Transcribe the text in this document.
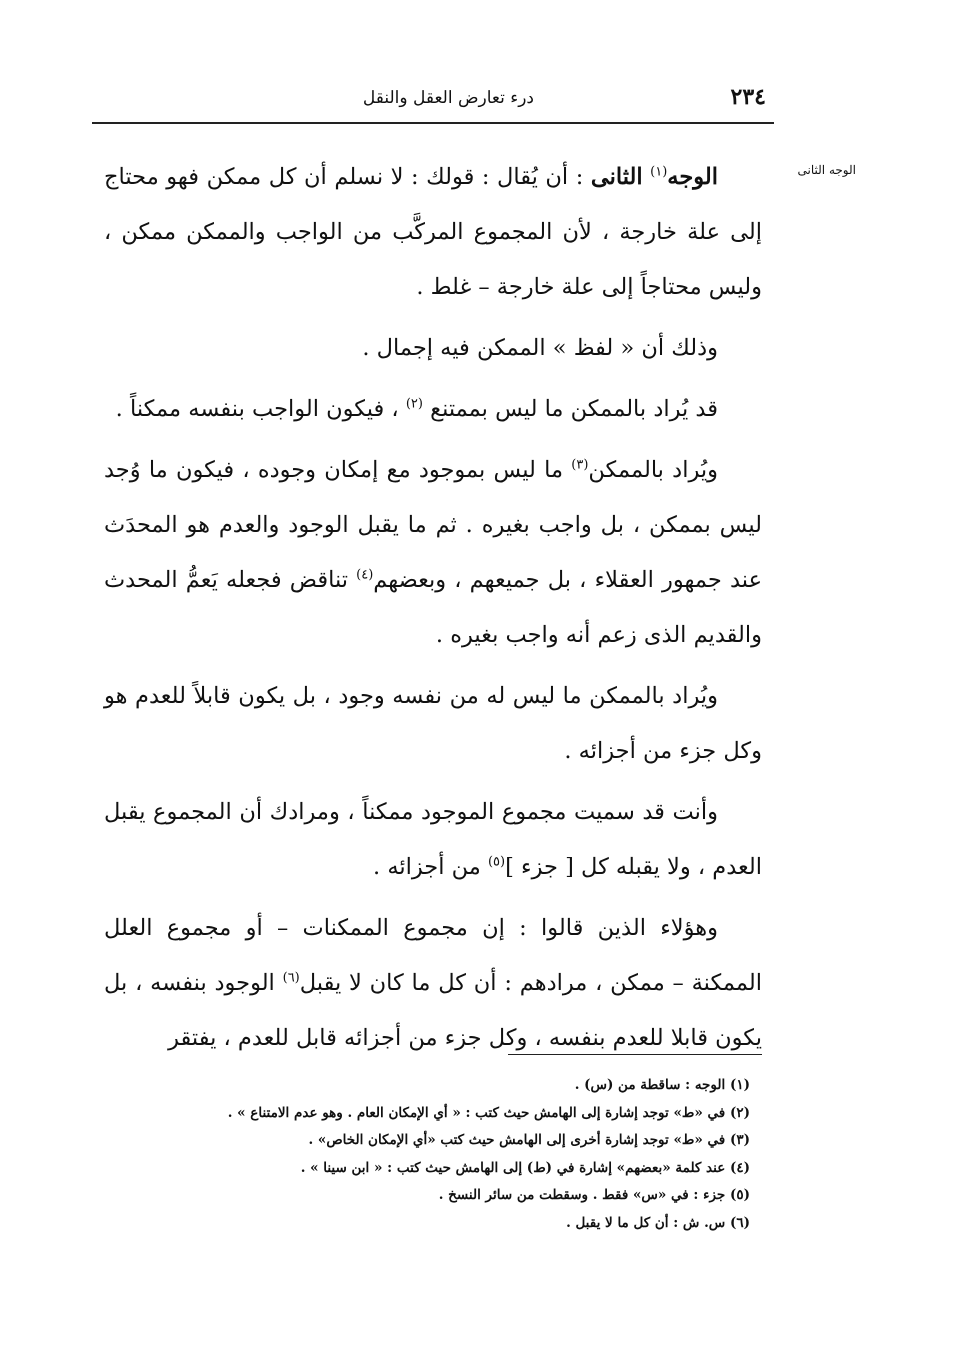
٢٣٤
درء تعارض العقل والنقل
الوجه الثانى

الوجه$^{(١)}$ الثانى : أن يُقال : قولك : لا نسلم أن كل ممكن فهو محتاج إلى علة خارجة ، لأن المجموع المركَّب من الواجب والممكن ممكن ، وليس محتاجاً إلى علة خارجة – غلط .

وذلك أن « لفظ » الممكن فيه إجمال .

قد يُراد بالممكن ما ليس بممتنع $^{(٢)}$ ، فيكون الواجب بنفسه ممكناً .

ويُراد بالممكن$^{(٣)}$ ما ليس بموجود مع إمكان وجوده ، فيكون ما وُجد ليس بممكن ، بل واجب بغيره . ثم ما يقبل الوجود والعدم هو المحدَث عند جمهور العقلاء ، بل جميعهم ، وبعضهم$^{(٤)}$ تناقض فجعله يَعمُّ المحدث والقديم الذى زعم أنه واجب بغيره .

ويُراد بالممكن ما ليس له من نفسه وجود ، بل يكون قابلاً للعدم هو وكل جزء من أجزائه .

وأنت قد سميت مجموع الموجود ممكناً ، ومرادك أن المجموع يقبل العدم ، ولا يقبله كل [ جزء ]$^{(٥)}$ من أجزائه .

وهؤلاء الذين قالوا : إن مجموع الممكنات – أو مجموع العلل الممكنة – ممكن ، مرادهم : أن كل ما كان لا يقبل$^{(٦)}$ الوجود بنفسه ، بل يكون قابلا للعدم بنفسه ، وكل جزء من أجزائه قابل للعدم ، يفتقر

(١) الوجه : ساقطة من (س) .

(٢) في «ط» توجد إشارة إلى الهامش حيث كتب : « أي الإمكان العام . وهو عدم الامتناع » .

(٣) في «ط» توجد إشارة أخرى إلى الهامش حيث كتب «أي الإمكان الخاص» .

(٤) عند كلمة «بعضهم» إشارة في (ط) إلى الهامش حيث كتب : « ابن سينا » .

(٥) جزء : في «س» فقط . وسقطت من سائر النسخ .

(٦) س. ش : أن كل ما لا يقبل .
